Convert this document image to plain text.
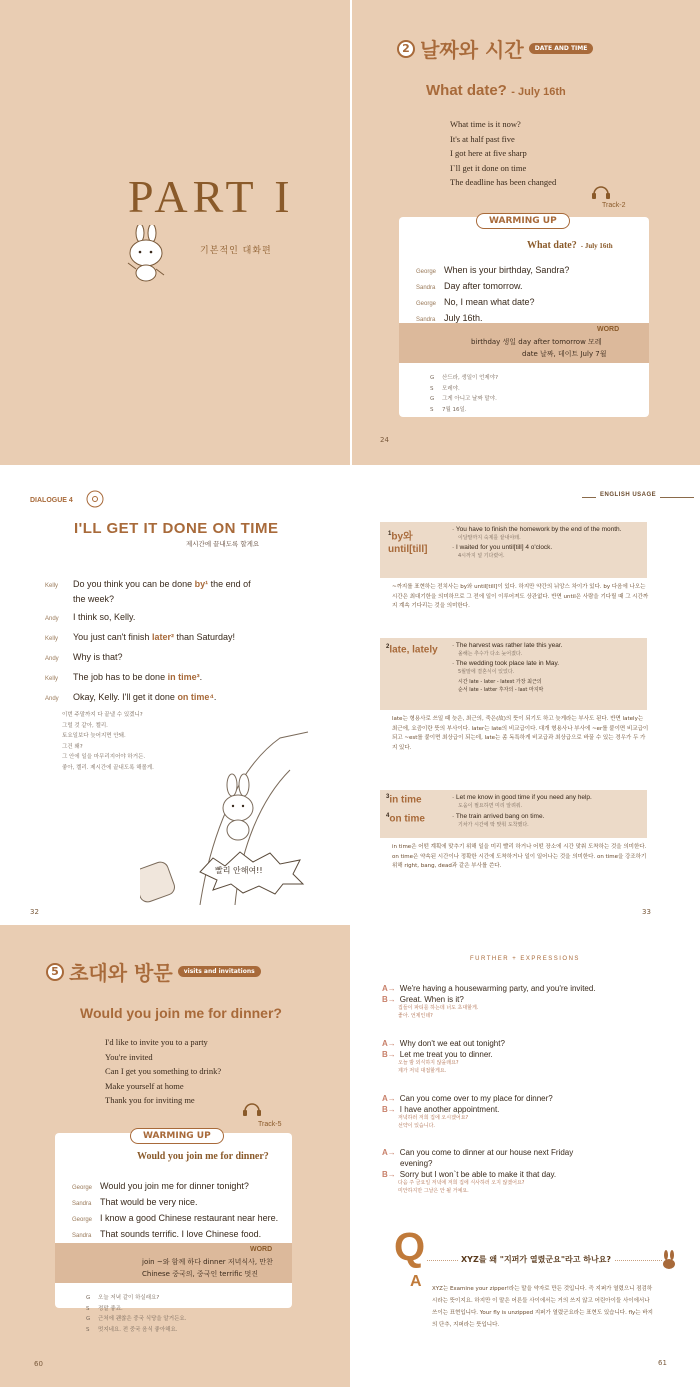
PART I
기본적인 대화편
2 날짜와 시간 DATE AND TIME
What date? - July 16th
What time is it now?
It's at half past five
I got here at five sharp
I`ll get it done on time
The deadline has been changed
Track-2
WARMING UP
What date? - July 16th
George When is your birthday, Sandra?
Sandra Day after tomorrow.
George No, I mean what date?
Sandra July 16th.
WORD
birthday 생일 day after tomorrow 모레
date 날짜, 데이트 July 7월
G 산드라, 생일이 언제야?
S 모레야.
G 그게 아니고 날짜 말야.
S 7월 16일.
24
DIALOGUE 4
I'LL GET IT DONE ON TIME
제시간에 끝내도록 할게요
Kelly Do you think you can be done by¹ the end of
the week?
Andy I think so, Kelly.
Kelly You just can't finish later² than Saturday!
Andy Why is that?
Kelly The job has to be done in time³.
Andy Okay, Kelly. I'll get it done on time⁴.
이번 주말까지 다 끝낼 수 있겠니?
그럴 것 같아, 켈리.
토요일보다 늦어지면 안돼.
그건 왜?
그 안에 일을 마무리지어야 하거든.
좋아, 켈리. 제시간에 끝내도록 해볼게.
빨리 안해여!!
32
ENGLISH USAGE
$^1$by와 until[till]
· You have to finish the homework by the end of the month.
이달말까지 숙제를 끝내야돼.
· I waited for you until[till] 4 o'clock.
4시까지 널 기다렸어.
~까지를 표현하는 전치사는 by와 until[till]이 있다. 하지만 약간의 뉘앙스 차이가 있다. by 다음에 나오는 시간은 최대기한을 의미하므로 그 전에 일이 이루어져도 상관없다. 반면 until은 사람을 기다릴 때 그 시간까지 계속 기다리는 것을 의미한다.
$^2$late, lately · The harvest was rather late this year.
올해는 추수가 다소 늦어졌다.
· The wedding took place late in May.
5월말에 결혼식이 있었다.
시간 late - later - latest 가장 최근의
순서 late - latter 후자의 - last 마지막
late는 형용사로 쓰일 때 늦은, 최근의, 죽은(故)의 뜻이 되기도 하고 늦게라는 부사도 된다. 반면 lately는 최근에, 요즘이란 뜻의 부사이다. later는 late의 비교급이다. 대개 형용사나 부사에 ~er를 붙이면 비교급이 되고 ~est를 붙이면 최상급이 되는데, late는 좀 독특하게 비교급과 최상급으로 바꿀 수 있는 경우가 두 가지 있다.
$^3$in time
$^4$on time
· Let me know in good time if you need any help.
도움이 필요하면 미리 알려줘.
· The train arrived bang on time.
기차가 시간에 딱 맞춰 도착했다.
in time은 어떤 계획에 맞추기 위해 일을 미리 빨리 하거나 어떤 장소에 시간 맞춰 도착하는 것을 의미한다. on time은 약속된 시간이나 정확한 시간에 도착하거나 일이 일어나는 것을 의미한다. on time을 강조하기 위해 right, bang, dead과 같은 부사를 쓴다.
33
5 초대와 방문 visits and invitations
Would you join me for dinner?
I'd like to invite you to a party
You're invited
Can I get you something to drink?
Make yourself at home
Thank you for inviting me
Track-5
WARMING UP
Would you join me for dinner?
George Would you join me for dinner tonight?
Sandra That would be very nice.
George I know a good Chinese restaurant near here.
Sandra That sounds terrific. I love Chinese food.
WORD
join ~와 함께 하다 dinner 저녁식사, 만찬
Chinese 중국의, 중국인 terrific 멋진
G 오늘 저녁 같이 하실래요?
S 정말 좋죠.
G 근처에 괜찮은 중국 식당을 알거든요.
S 멋지네요. 전 중국 음식 좋아해요.
60
FURTHER + EXPRESSIONS
A→ We're having a housewarming party, and you're invited.
B→ Great. When is it?
집들이 파티를 하는데 너도 초대할게.
좋아. 언제인데?
A→ Why don't we eat out tonight?
B→ Let me treat you to dinner.
오늘 밤 외식하지 않을래요?
제가 저녁 대접할게요.
A→ Can you come over to my place for dinner?
B→ I have another appointment.
저녁하러 저희 집에 오시겠어요?
선약이 있습니다.
A→ Can you come to dinner at our house next Friday
evening?
B→ Sorry but I won`t be able to make it that day.
다음 주 금요일 저녁에 저희 집에 식사하러 오지 않겠어요?
미안하지만 그날은 안 될 거예요.
Q	XYZ를 왜 "지퍼가 열렸군요"라고 하나요?
A XYZ는 Examine your zipper!라는 말을 약자로 만든 것입니다. 즉 지퍼가 열렸으니 점검하시라는 뜻이지요. 하지만 이 말은 어른들 사이에서는 거의 쓰지 않고 어린아이들 사이에서나 쓰이는 표현입니다. Your fly is unzipped 지퍼가 열렸군요라는 표현도 있습니다. fly는 바지의 단추, 지퍼라는 뜻입니다.
61
